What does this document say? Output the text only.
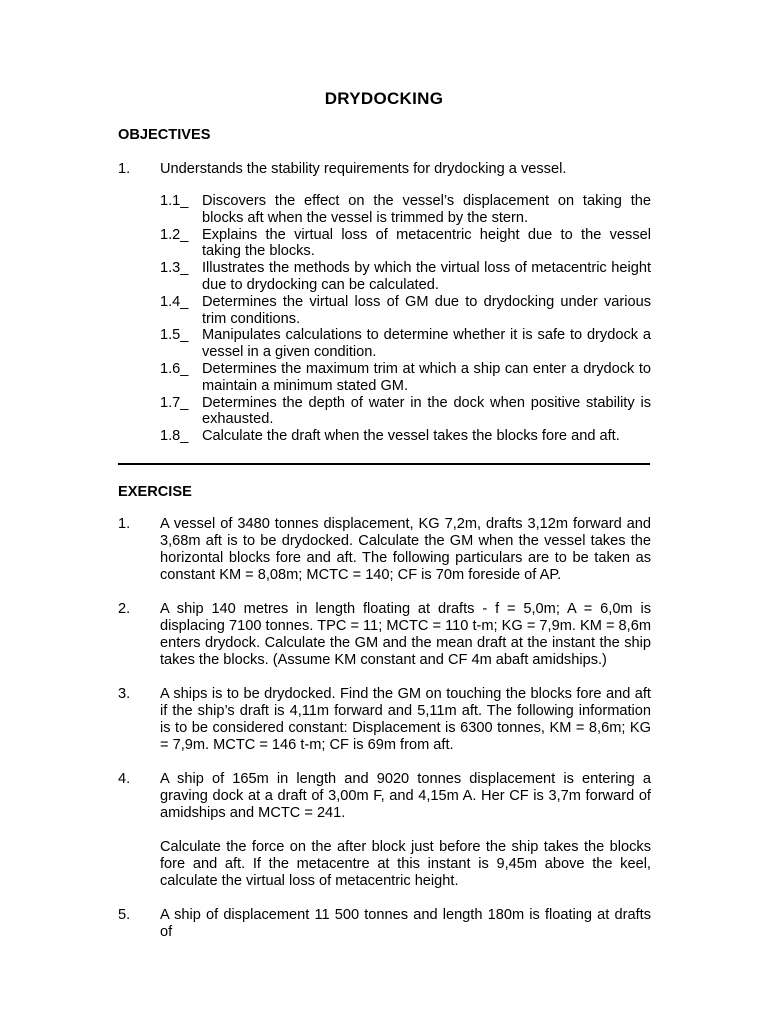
DRYDOCKING
OBJECTIVES
1. Understands the stability requirements for drydocking a vessel.
1.1_ Discovers the effect on the vessel’s displacement on taking the blocks aft when the vessel is trimmed by the stern.
1.2_ Explains the virtual loss of metacentric height due to the vessel taking the blocks.
1.3_ Illustrates the methods by which the virtual loss of metacentric height due to drydocking can be calculated.
1.4_ Determines the virtual loss of GM due to drydocking under various trim conditions.
1.5_ Manipulates calculations to determine whether it is safe to drydock a vessel in a given condition.
1.6_ Determines the maximum trim at which a ship can enter a drydock to maintain a minimum stated GM.
1.7_ Determines the depth of water in the dock when positive stability is exhausted.
1.8_ Calculate the draft when the vessel takes the blocks fore and aft.
EXERCISE
1. A vessel of 3480 tonnes displacement, KG 7,2m, drafts 3,12m forward and 3,68m aft is to be drydocked. Calculate the GM when the vessel takes the horizontal blocks fore and aft. The following particulars are to be taken as constant KM = 8,08m; MCTC = 140; CF is 70m foreside of AP.
2. A ship 140 metres in length floating at drafts - f = 5,0m; A = 6,0m is displacing 7100 tonnes. TPC = 11; MCTC = 110 t-m; KG = 7,9m. KM = 8,6m enters drydock. Calculate the GM and the mean draft at the instant the ship takes the blocks. (Assume KM constant and CF 4m abaft amidships.)
3. A ships is to be drydocked. Find the GM on touching the blocks fore and aft if the ship’s draft is 4,11m forward and 5,11m aft. The following information is to be considered constant: Displacement is 6300 tonnes, KM = 8,6m; KG = 7,9m. MCTC = 146 t-m; CF is 69m from aft.
4. A ship of 165m in length and 9020 tonnes displacement is entering a graving dock at a draft of 3,00m F, and 4,15m A. Her CF is 3,7m forward of amidships and MCTC = 241.
Calculate the force on the after block just before the ship takes the blocks fore and aft. If the metacentre at this instant is 9,45m above the keel, calculate the virtual loss of metacentric height.
5. A ship of displacement 11 500 tonnes and length 180m is floating at drafts of
